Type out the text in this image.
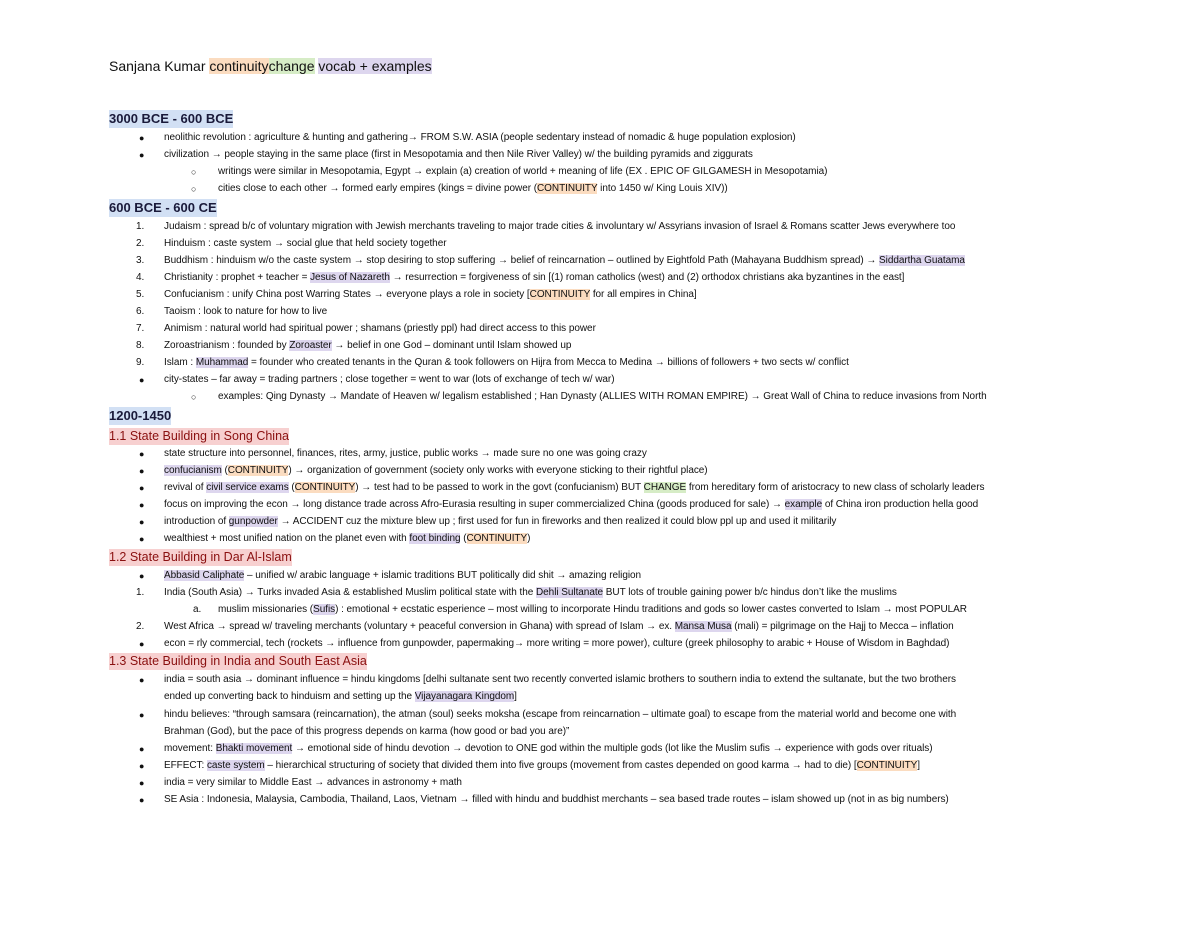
Sanjana Kumar continuitychange vocab + examples
3000 BCE - 600 BCE
● neolithic revolution : agriculture & hunting and gathering→ FROM S.W. ASIA (people sedentary instead of nomadic & huge population explosion)
● civilization → people staying in the same place (first in Mesopotamia and then Nile River Valley) w/ the building pyramids and ziggurats
○ writings were similar in Mesopotamia, Egypt → explain (a) creation of world + meaning of life (EX . EPIC OF GILGAMESH in Mesopotamia)
○ cities close to each other → formed early empires (kings = divine power (CONTINUITY into 1450 w/ King Louis XIV))
600 BCE - 600 CE
1. Judaism : spread b/c of voluntary migration with Jewish merchants traveling to major trade cities & involuntary w/ Assyrians invasion of Israel & Romans scatter Jews everywhere too
2. Hinduism : caste system → social glue that held society together
3. Buddhism : hinduism w/o the caste system → stop desiring to stop suffering → belief of reincarnation – outlined by Eightfold Path (Mahayana Buddhism spread) → Siddartha Guatama
4. Christianity : prophet + teacher = Jesus of Nazareth → resurrection = forgiveness of sin [(1) roman catholics (west) and (2) orthodox christians aka byzantines in the east]
5. Confucianism : unify China post Warring States → everyone plays a role in society [CONTINUITY for all empires in China]
6. Taoism : look to nature for how to live
7. Animism : natural world had spiritual power ; shamans (priestly ppl) had direct access to this power
8. Zoroastrianism : founded by Zoroaster → belief in one God – dominant until Islam showed up
9. Islam : Muhammad = founder who created tenants in the Quran & took followers on Hijra from Mecca to Medina → billions of followers + two sects w/ conflict
● city-states – far away = trading partners ; close together = went to war (lots of exchange of tech w/ war)
○ examples: Qing Dynasty → Mandate of Heaven w/ legalism established ; Han Dynasty (ALLIES WITH ROMAN EMPIRE) → Great Wall of China to reduce invasions from North
1200-1450
1.1 State Building in Song China
● state structure into personnel, finances, rites, army, justice, public works → made sure no one was going crazy
● confucianism (CONTINUITY) → organization of government (society only works with everyone sticking to their rightful place)
● revival of civil service exams (CONTINUITY) → test had to be passed to work in the govt (confucianism) BUT CHANGE from hereditary form of aristocracy to new class of scholarly leaders
● focus on improving the econ → long distance trade across Afro-Eurasia resulting in super commercialized China (goods produced for sale) → example of China iron production hella good
● introduction of gunpowder → ACCIDENT cuz the mixture blew up ; first used for fun in fireworks and then realized it could blow ppl up and used it militarily
● wealthiest + most unified nation on the planet even with foot binding (CONTINUITY)
1.2 State Building in Dar Al-Islam
● Abbasid Caliphate – unified w/ arabic language + islamic traditions BUT politically did shit → amazing religion
1. India (South Asia) → Turks invaded Asia & established Muslim political state with the Dehli Sultanate BUT lots of trouble gaining power b/c hindus don’t like the muslims
a. muslim missionaries (Sufis) : emotional + ecstatic esperience – most willing to incorporate Hindu traditions and gods so lower castes converted to Islam → most POPULAR
2. West Africa → spread w/ traveling merchants (voluntary + peaceful conversion in Ghana) with spread of Islam → ex. Mansa Musa (mali) = pilgrimage on the Hajj to Mecca – inflation
● econ = rly commercial, tech (rockets → influence from gunpowder, papermaking→ more writing = more power), culture (greek philosophy to arabic + House of Wisdom in Baghdad)
1.3 State Building in India and South East Asia
● india = south asia → dominant influence = hindu kingdoms [delhi sultanate sent two recently converted islamic brothers to southern india to extend the sultanate, but the two brothers
ended up converting back to hinduism and setting up the Vijayanagara Kingdom]
● hindu believes: “through samsara (reincarnation), the atman (soul) seeks moksha (escape from reincarnation – ultimate goal) to escape from the material world and become one with
Brahman (God), but the pace of this progress depends on karma (how good or bad you are)”
● movement: Bhakti movement → emotional side of hindu devotion → devotion to ONE god within the multiple gods (lot like the Muslim sufis → experience with gods over rituals)
● EFFECT: caste system – hierarchical structuring of society that divided them into five groups (movement from castes depended on good karma → had to die) [CONTINUITY]
● india = very similar to Middle East → advances in astronomy + math
● SE Asia : Indonesia, Malaysia, Cambodia, Thailand, Laos, Vietnam → filled with hindu and buddhist merchants – sea based trade routes – islam showed up (not in as big numbers)
